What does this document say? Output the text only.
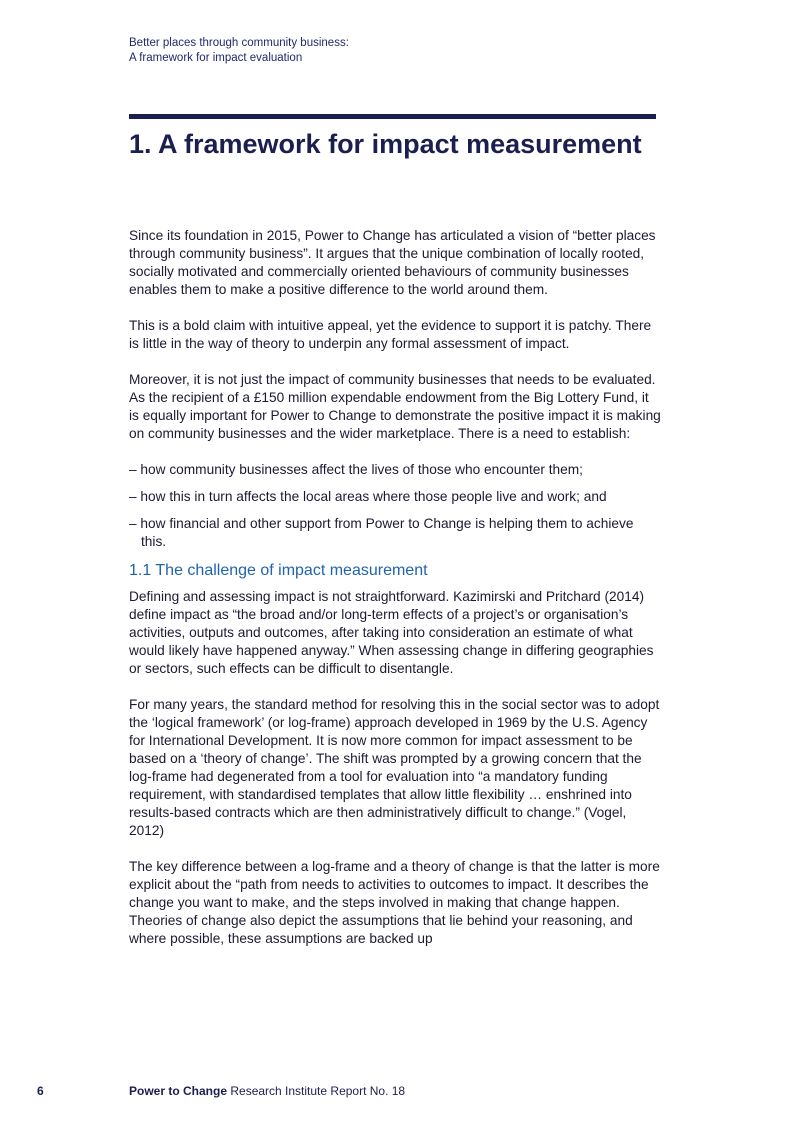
Better places through community business:
A framework for impact evaluation
1. A framework for impact measurement

Since its foundation in 2015, Power to Change has articulated a vision of “better places through community business”. It argues that the unique combination of locally rooted, socially motivated and commercially oriented behaviours of community businesses enables them to make a positive difference to the world around them.

This is a bold claim with intuitive appeal, yet the evidence to support it is patchy. There is little in the way of theory to underpin any formal assessment of impact.

Moreover, it is not just the impact of community businesses that needs to be evaluated. As the recipient of a £150 million expendable endowment from the Big Lottery Fund, it is equally important for Power to Change to demonstrate the positive impact it is making on community businesses and the wider marketplace. There is a need to establish:

– how community businesses affect the lives of those who encounter them;
– how this in turn affects the local areas where those people live and work; and
– how financial and other support from Power to Change is helping them to achieve this.
1.1 The challenge of impact measurement

Defining and assessing impact is not straightforward. Kazimirski and Pritchard (2014) define impact as “the broad and/or long-term effects of a project’s or organisation’s activities, outputs and outcomes, after taking into consideration an estimate of what would likely have happened anyway.” When assessing change in differing geographies or sectors, such effects can be difficult to disentangle.

For many years, the standard method for resolving this in the social sector was to adopt the ‘logical framework’ (or log-frame) approach developed in 1969 by the U.S. Agency for International Development. It is now more common for impact assessment to be based on a ‘theory of change’. The shift was prompted by a growing concern that the log-frame had degenerated from a tool for evaluation into “a mandatory funding requirement, with standardised templates that allow little flexibility … enshrined into results-based contracts which are then administratively difficult to change.” (Vogel, 2012)

The key difference between a log-frame and a theory of change is that the latter is more explicit about the “path from needs to activities to outcomes to impact. It describes the change you want to make, and the steps involved in making that change happen. Theories of change also depict the assumptions that lie behind your reasoning, and where possible, these assumptions are backed up

6	Power to Change Research Institute Report No. 18
